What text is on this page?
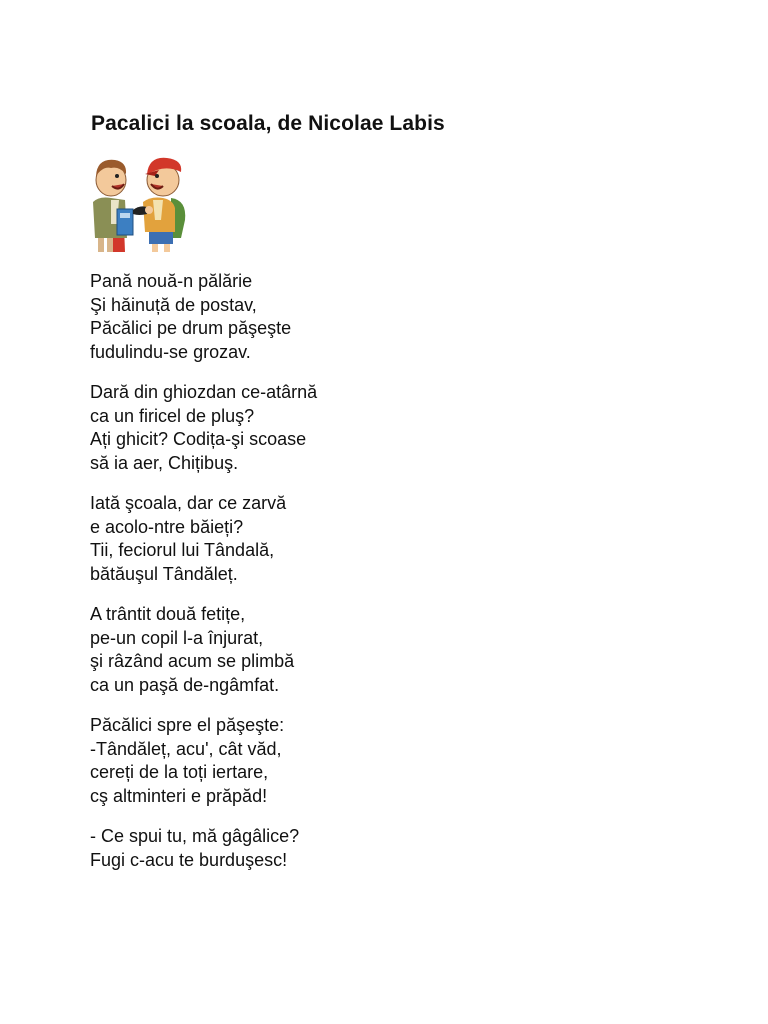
Pacalici la scoala, de Nicolae Labis
Pană nouă-n pălărie
Şi hăinuță de postav,
Păcălici pe drum păşeşte
fudulindu-se grozav.
Dară din ghiozdan ce-atârnă
ca un firicel de pluş?
Ați ghicit? Codița-şi scoase
să ia aer, Chițibuş.
Iată şcoala, dar ce zarvă
e acolo-ntre băieți?
Tii, feciorul lui Tândală,
bătăuşul Tândăleț.
A trântit două fetițe,
pe-un copil l-a înjurat,
şi râzând acum se plimbă
ca un paşă de-ngâmfat.
Păcălici spre el păşeşte:
-Tândăleț, acu', cât văd,
cereți de la toți iertare,
cş altminteri e prăpăd!
- Ce spui tu, mă gâgâlice?
Fugi c-acu te burduşesc!
